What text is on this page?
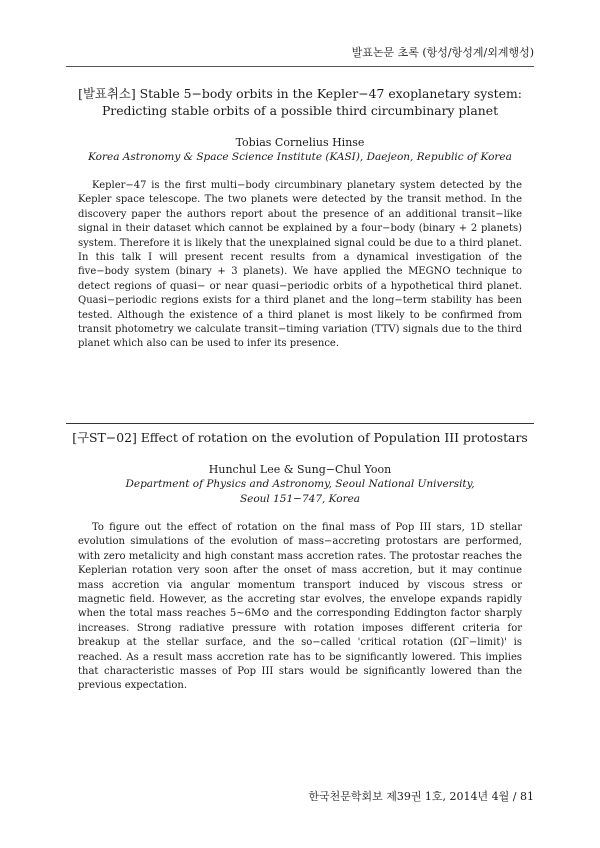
발표논문 초록 (항성/항성계/외계행성)
[발표취소] Stable 5−body orbits in the Kepler−47 exoplanetary system:
Predicting stable orbits of a possible third circumbinary planet
Tobias Cornelius Hinse
Korea Astronomy & Space Science Institute (KASI), Daejeon, Republic of Korea
Kepler−47 is the first multi−body circumbinary planetary system detected by the Kepler space telescope. The two planets were detected by the transit method. In the discovery paper the authors report about the presence of an additional transit−like signal in their dataset which cannot be explained by a four−body (binary + 2 planets) system. Therefore it is likely that the unexplained signal could be due to a third planet. In this talk I will present recent results from a dynamical investigation of the five−body system (binary + 3 planets). We have applied the MEGNO technique to detect regions of quasi− or near quasi−periodic orbits of a hypothetical third planet. Quasi−periodic regions exists for a third planet and the long−term stability has been tested. Although the existence of a third planet is most likely to be confirmed from transit photometry we calculate transit−timing variation (TTV) signals due to the third planet which also can be used to infer its presence.
[구ST−02] Effect of rotation on the evolution of Population III protostars
Hunchul Lee & Sung−Chul Yoon
Department of Physics and Astronomy, Seoul National University,
Seoul 151−747, Korea
To figure out the effect of rotation on the final mass of Pop III stars, 1D stellar evolution simulations of the evolution of mass−accreting protostars are performed, with zero metalicity and high constant mass accretion rates. The protostar reaches the Keplerian rotation very soon after the onset of mass accretion, but it may continue mass accretion via angular momentum transport induced by viscous stress or magnetic field. However, as the accreting star evolves, the envelope expands rapidly when the total mass reaches 5~6M⊙ and the corresponding Eddington factor sharply increases. Strong radiative pressure with rotation imposes different criteria for breakup at the stellar surface, and the so−called 'critical rotation (ΩΓ−limit)' is reached. As a result mass accretion rate has to be significantly lowered. This implies that characteristic masses of Pop III stars would be significantly lowered than the previous expectation.
한국천문학회보 제39권 1호, 2014년 4월 / 81
